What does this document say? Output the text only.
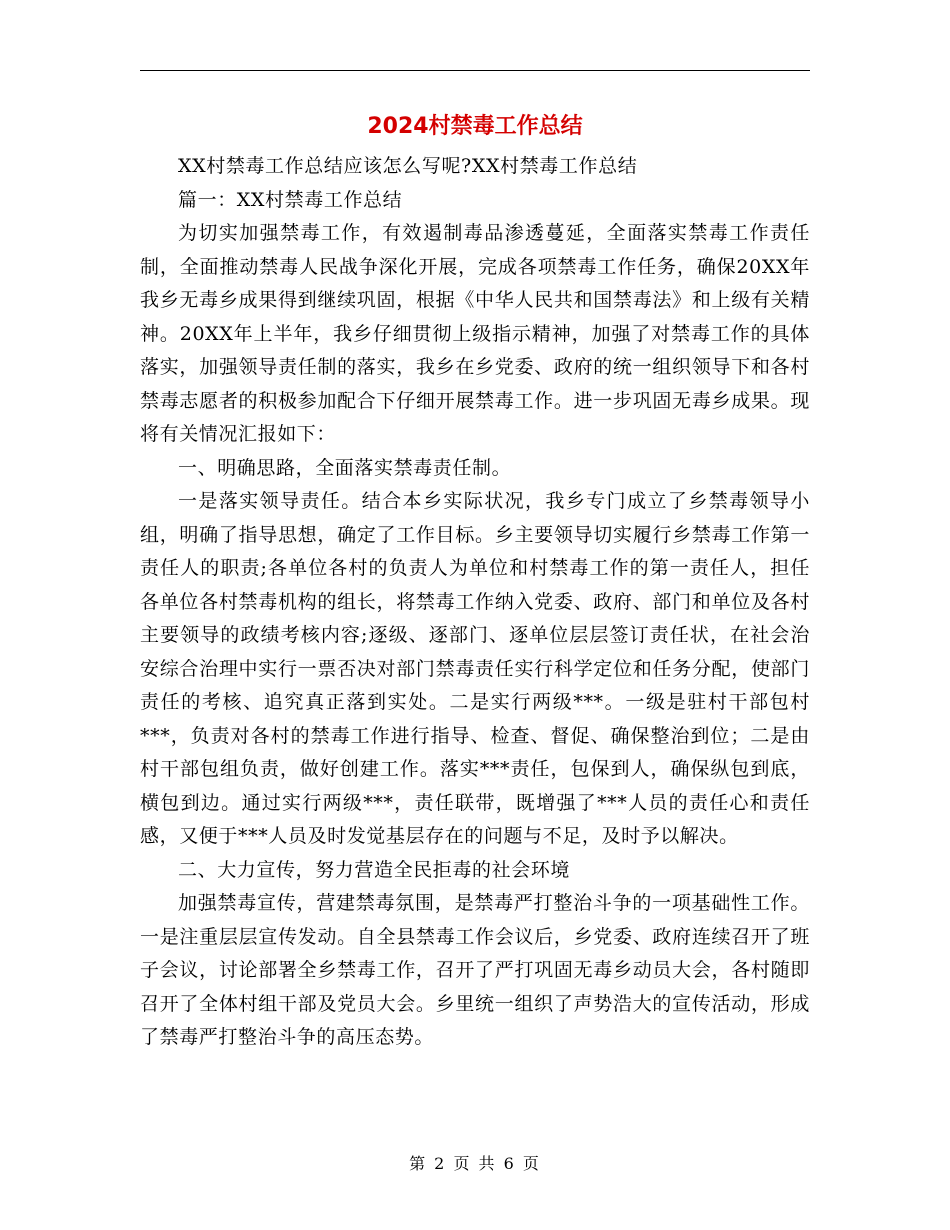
2024村禁毒工作总结

XX村禁毒工作总结应该怎么写呢?XX村禁毒工作总结

篇一：XX村禁毒工作总结

为切实加强禁毒工作，有效遏制毒品渗透蔓延，全面落实禁毒工作责任制，全面推动禁毒人民战争深化开展，完成各项禁毒工作任务，确保20XX年我乡无毒乡成果得到继续巩固，根据《中华人民共和国禁毒法》和上级有关精神。20XX年上半年，我乡仔细贯彻上级指示精神，加强了对禁毒工作的具体落实，加强领导责任制的落实，我乡在乡党委、政府的统一组织领导下和各村禁毒志愿者的积极参加配合下仔细开展禁毒工作。进一步巩固无毒乡成果。现将有关情况汇报如下：

一、明确思路，全面落实禁毒责任制。

一是落实领导责任。结合本乡实际状况，我乡专门成立了乡禁毒领导小组，明确了指导思想，确定了工作目标。乡主要领导切实履行乡禁毒工作第一责任人的职责;各单位各村的负责人为单位和村禁毒工作的第一责任人，担任各单位各村禁毒机构的组长，将禁毒工作纳入党委、政府、部门和单位及各村主要领导的政绩考核内容;逐级、逐部门、逐单位层层签订责任状，在社会治安综合治理中实行一票否决对部门禁毒责任实行科学定位和任务分配，使部门责任的考核、追究真正落到实处。二是实行两级***。一级是驻村干部包村***，负责对各村的禁毒工作进行指导、检查、督促、确保整治到位；二是由村干部包组负责，做好创建工作。落实***责任，包保到人，确保纵包到底，横包到边。通过实行两级***，责任联带，既增强了***人员的责任心和责任感，又便于***人员及时发觉基层存在的问题与不足，及时予以解决。

二、大力宣传，努力营造全民拒毒的社会环境

加强禁毒宣传，营建禁毒氛围，是禁毒严打整治斗争的一项基础性工作。一是注重层层宣传发动。自全县禁毒工作会议后，乡党委、政府连续召开了班子会议，讨论部署全乡禁毒工作，召开了严打巩固无毒乡动员大会，各村随即召开了全体村组干部及党员大会。乡里统一组织了声势浩大的宣传活动，形成了禁毒严打整治斗争的高压态势。

第 2 页 共 6 页
